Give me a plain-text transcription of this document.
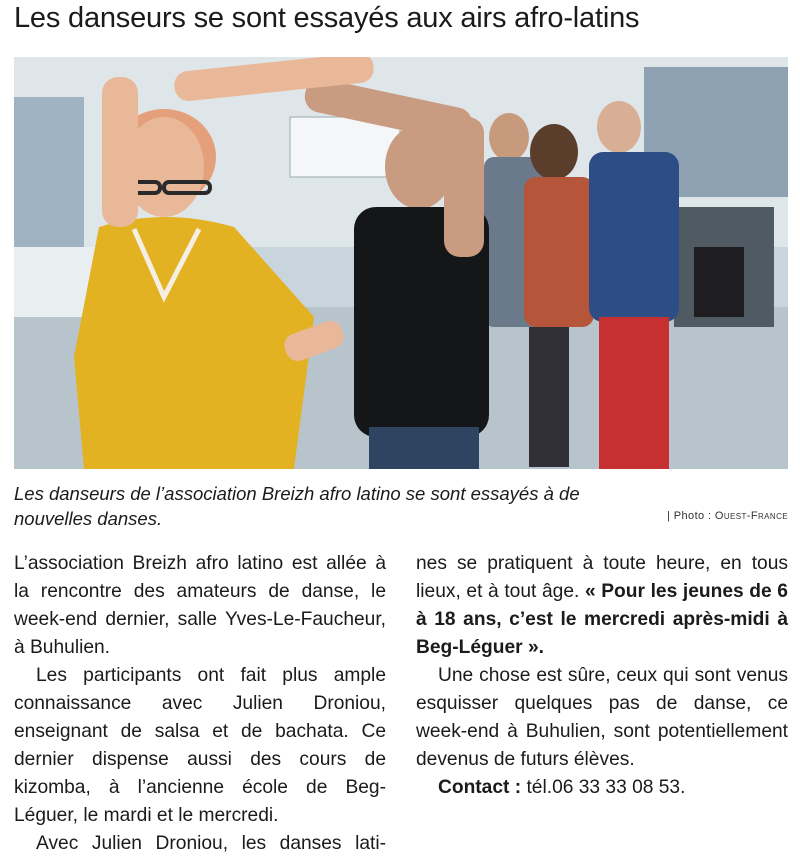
Les danseurs se sont essayés aux airs afro-latins
Les danseurs de l’association Breizh afro latino se sont essayés à de nouvelles danses.	| Photo : Ouest-France

L’association Breizh afro latino est allée à la rencontre des amateurs de danse, le week-end dernier, salle Yves-Le-Faucheur, à Buhulien.

Les participants ont fait plus ample connaissance avec Julien Droniou, enseignant de salsa et de bachata. Ce dernier dispense aussi des cours de kizomba, à l’ancienne école de Beg-Léguer, le mardi et le mercredi.

Avec Julien Droniou, les danses lati-

nes se pratiquent à toute heure, en tous lieux, et à tout âge. « Pour les jeunes de 6 à 18 ans, c’est le mercredi après-midi à Beg-Léguer ».

Une chose est sûre, ceux qui sont venus esquisser quelques pas de danse, ce week-end à Buhulien, sont potentiellement devenus de futurs élèves.

Contact : tél.06 33 33 08 53.
